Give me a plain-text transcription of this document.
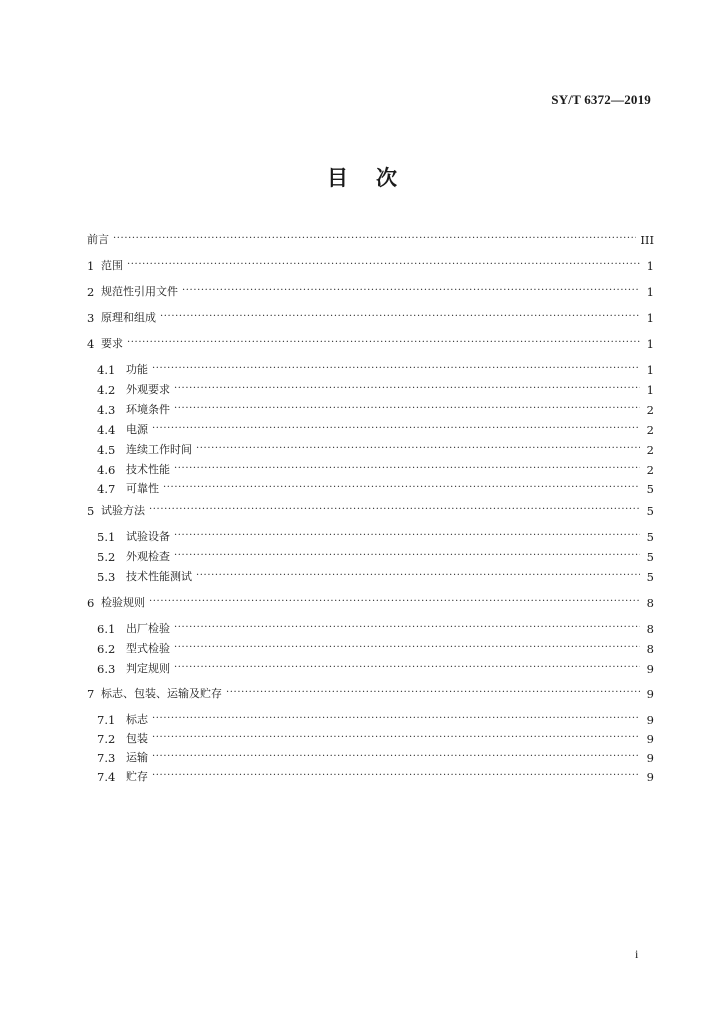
SY/T 6372—2019
目次
前言 ·····	III
1 范围 ·····	1
2 规范性引用文件 ·····	1
3 原理和组成 ·····	1
4 要求 ·····	1
4.1 功能 ·····	1
4.2 外观要求 ·····	1
4.3 环境条件 ·····	2
4.4 电源 ·····	2
4.5 连续工作时间 ·····	2
4.6 技术性能 ·····	2
4.7 可靠性 ·····	5
5 试验方法 ·····	5
5.1 试验设备 ·····	5
5.2 外观检查 ·····	5
5.3 技术性能测试 ·····	5
6 检验规则 ·····	8
6.1 出厂检验 ·····	8
6.2 型式检验 ·····	8
6.3 判定规则 ·····	9
7 标志、包装、运输及贮存 ·····	9
7.1 标志 ·····	9
7.2 包装 ·····	9
7.3 运输 ·····	9
7.4 贮存 ·····	9
i
